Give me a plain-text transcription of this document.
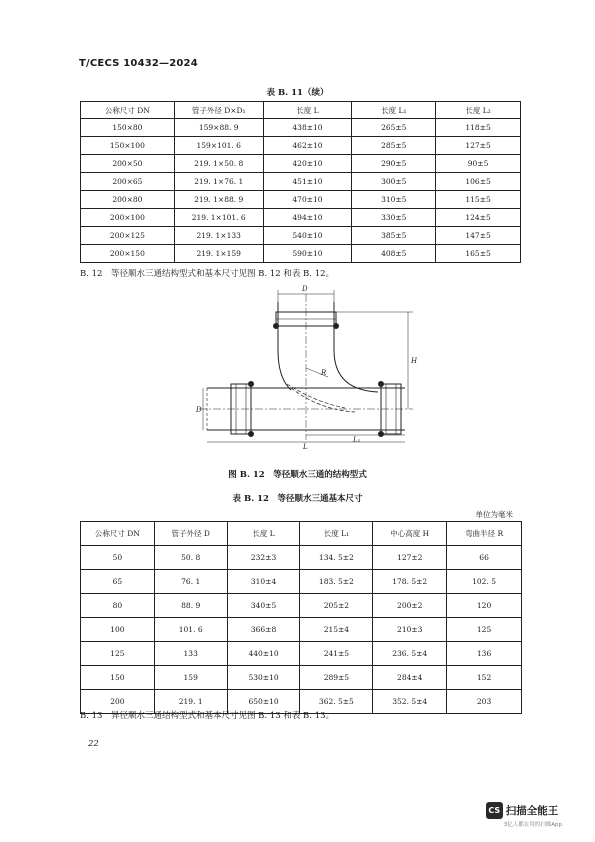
T/CECS 10432—2024
表 B. 11（续）
公称尺寸 DN	管子外径 D×D₁	长度 L	长度 L₁	长度 L₂
150×80	159×88. 9	438±10	265±5	118±5
150×100	159×101. 6	462±10	285±5	127±5
200×50	219. 1×50. 8	420±10	290±5	90±5
200×65	219. 1×76. 1	451±10	300±5	106±5
200×80	219. 1×88. 9	470±10	310±5	115±5
200×100	219. 1×101. 6	494±10	330±5	124±5
200×125	219. 1×133	540±10	385±5	147±5
200×150	219. 1×159	590±10	408±5	165±5
B. 12　等径顺水三通结构型式和基本尺寸见图 B. 12 和表 B. 12。
D
D
H
R
L
L₁
图 B. 12　等径顺水三通的结构型式
表 B. 12　等径顺水三通基本尺寸
单位为毫米
公称尺寸 DN	管子外径 D	长度 L	长度 L₁	中心高度 H	弯曲半径 R
50	50. 8	232±3	134. 5±2	127±2	66
65	76. 1	310±4	183. 5±2	178. 5±2	102. 5
80	88. 9	340±5	205±2	200±2	120
100	101. 6	366±8	215±4	210±3	125
125	133	440±10	241±5	236. 5±4	136
150	159	530±10	289±5	284±4	152
200	219. 1	650±10	362. 5±5	352. 5±4	203
B. 13　异径顺水三通结构型式和基本尺寸见图 B. 13 和表 B. 13。
22
CS 扫描全能王
3亿人都在用的扫描App
